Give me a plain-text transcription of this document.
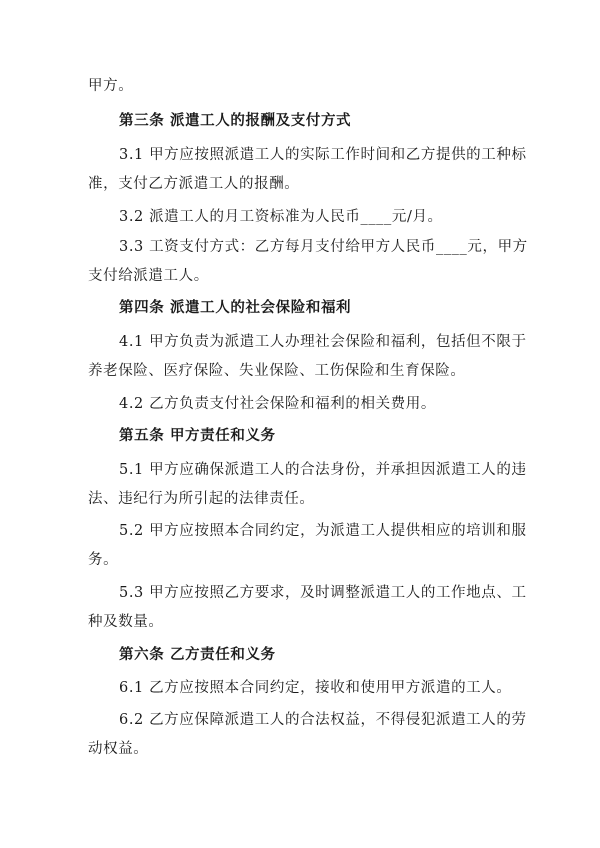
甲方。
第三条 派遣工人的报酬及支付方式
3.1 甲方应按照派遣工人的实际工作时间和乙方提供的工种标
准，支付乙方派遣工人的报酬。
3.2 派遣工人的月工资标准为人民币____元/月。
3.3 工资支付方式：乙方每月支付给甲方人民币____元，甲方
支付给派遣工人。
第四条 派遣工人的社会保险和福利
4.1 甲方负责为派遣工人办理社会保险和福利，包括但不限于
养老保险、医疗保险、失业保险、工伤保险和生育保险。
4.2 乙方负责支付社会保险和福利的相关费用。
第五条 甲方责任和义务
5.1 甲方应确保派遣工人的合法身份，并承担因派遣工人的违
法、违纪行为所引起的法律责任。
5.2 甲方应按照本合同约定，为派遣工人提供相应的培训和服
务。
5.3 甲方应按照乙方要求，及时调整派遣工人的工作地点、工
种及数量。
第六条 乙方责任和义务
6.1 乙方应按照本合同约定，接收和使用甲方派遣的工人。
6.2 乙方应保障派遣工人的合法权益，不得侵犯派遣工人的劳
动权益。
